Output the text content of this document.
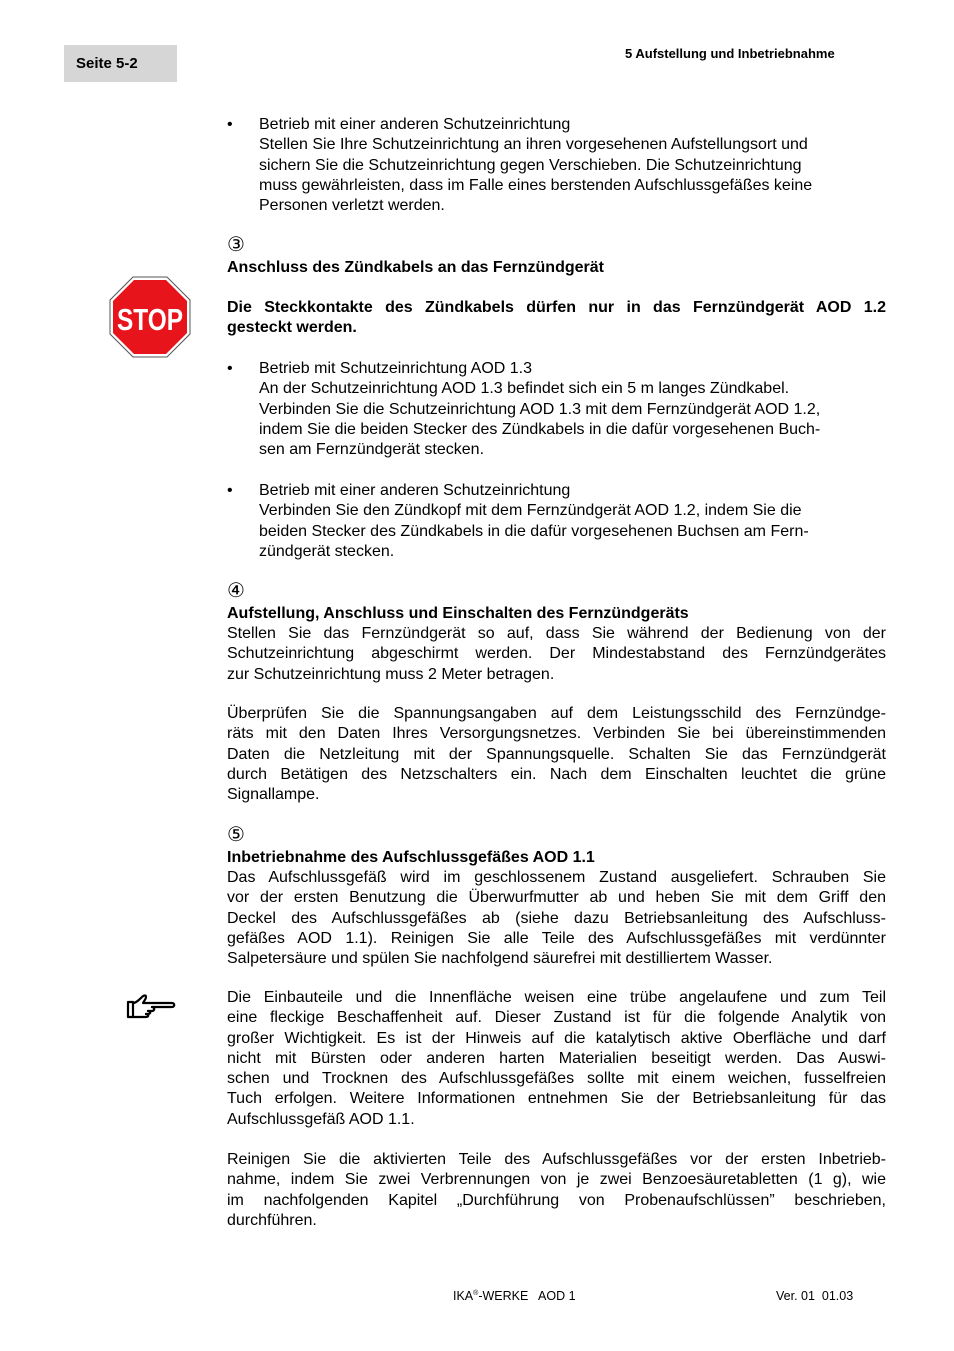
Seite 5-2
5 Aufstellung und Inbetriebnahme
• Betrieb mit einer anderen Schutzeinrichtung
Stellen Sie Ihre Schutzeinrichtung an ihren vorgesehenen Aufstellungsort und
sichern Sie die Schutzeinrichtung gegen Verschieben. Die Schutzeinrichtung
muss gewährleisten, dass im Falle eines berstenden Aufschlussgefäßes keine
Personen verletzt werden.
STOP
③
Anschluss des Zündkabels an das Fernzündgerät
Die Steckkontakte des Zündkabels dürfen nur in das Fernzündgerät AOD 1.2
gesteckt werden.
• Betrieb mit Schutzeinrichtung AOD 1.3
An der Schutzeinrichtung AOD 1.3 befindet sich ein 5 m langes Zündkabel.
Verbinden Sie die Schutzeinrichtung AOD 1.3 mit dem Fernzündgerät AOD 1.2,
indem Sie die beiden Stecker des Zündkabels in die dafür vorgesehenen Buch-
sen am Fernzündgerät stecken.
• Betrieb mit einer anderen Schutzeinrichtung
Verbinden Sie den Zündkopf mit dem Fernzündgerät AOD 1.2, indem Sie die
beiden Stecker des Zündkabels in die dafür vorgesehenen Buchsen am Fern-
zündgerät stecken.
④
Aufstellung, Anschluss und Einschalten des Fernzündgeräts
Stellen Sie das Fernzündgerät so auf, dass Sie während der Bedienung von der
Schutzeinrichtung abgeschirmt werden. Der Mindestabstand des Fernzündgerätes
zur Schutzeinrichtung muss 2 Meter betragen.
Überprüfen Sie die Spannungsangaben auf dem Leistungsschild des Fernzündge-
räts mit den Daten Ihres Versorgungsnetzes. Verbinden Sie bei übereinstimmenden
Daten die Netzleitung mit der Spannungsquelle. Schalten Sie das Fernzündgerät
durch Betätigen des Netzschalters ein. Nach dem Einschalten leuchtet die grüne
Signallampe.
⑤
Inbetriebnahme des Aufschlussgefäßes AOD 1.1
Das Aufschlussgefäß wird im geschlossenem Zustand ausgeliefert. Schrauben Sie
vor der ersten Benutzung die Überwurfmutter ab und heben Sie mit dem Griff den
Deckel des Aufschlussgefäßes ab (siehe dazu Betriebsanleitung des Aufschluss-
gefäßes AOD 1.1). Reinigen Sie alle Teile des Aufschlussgefäßes mit verdünnter
Salpetersäure und spülen Sie nachfolgend säurefrei mit destilliertem Wasser.
Die Einbauteile und die Innenfläche weisen eine trübe angelaufene und zum Teil
eine fleckige Beschaffenheit auf. Dieser Zustand ist für die folgende Analytik von
großer Wichtigkeit. Es ist der Hinweis auf die katalytisch aktive Oberfläche und darf
nicht mit Bürsten oder anderen harten Materialien beseitigt werden. Das Auswi-
schen und Trocknen des Aufschlussgefäßes sollte mit einem weichen, fusselfreien
Tuch erfolgen. Weitere Informationen entnehmen Sie der Betriebsanleitung für das
Aufschlussgefäß AOD 1.1.
Reinigen Sie die aktivierten Teile des Aufschlussgefäßes vor der ersten Inbetrieb-
nahme, indem Sie zwei Verbrennungen von je zwei Benzoesäuretabletten (1 g), wie
im nachfolgenden Kapitel „Durchführung von Probenaufschlüssen” beschrieben,
durchführen.
IKA®-WERKE   AOD 1	Ver. 01  01.03
